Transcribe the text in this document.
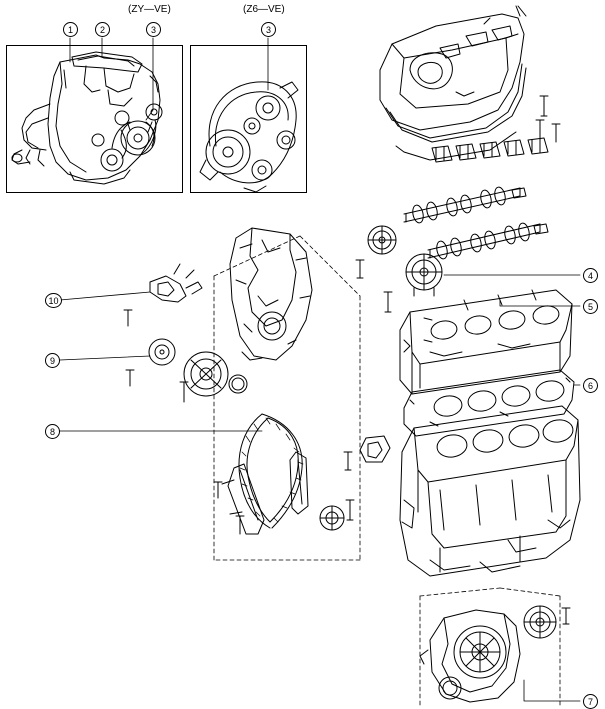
(ZY—VE)	(Z6—VE)
1	2	3	3
4
5
6
7
8
9
10
